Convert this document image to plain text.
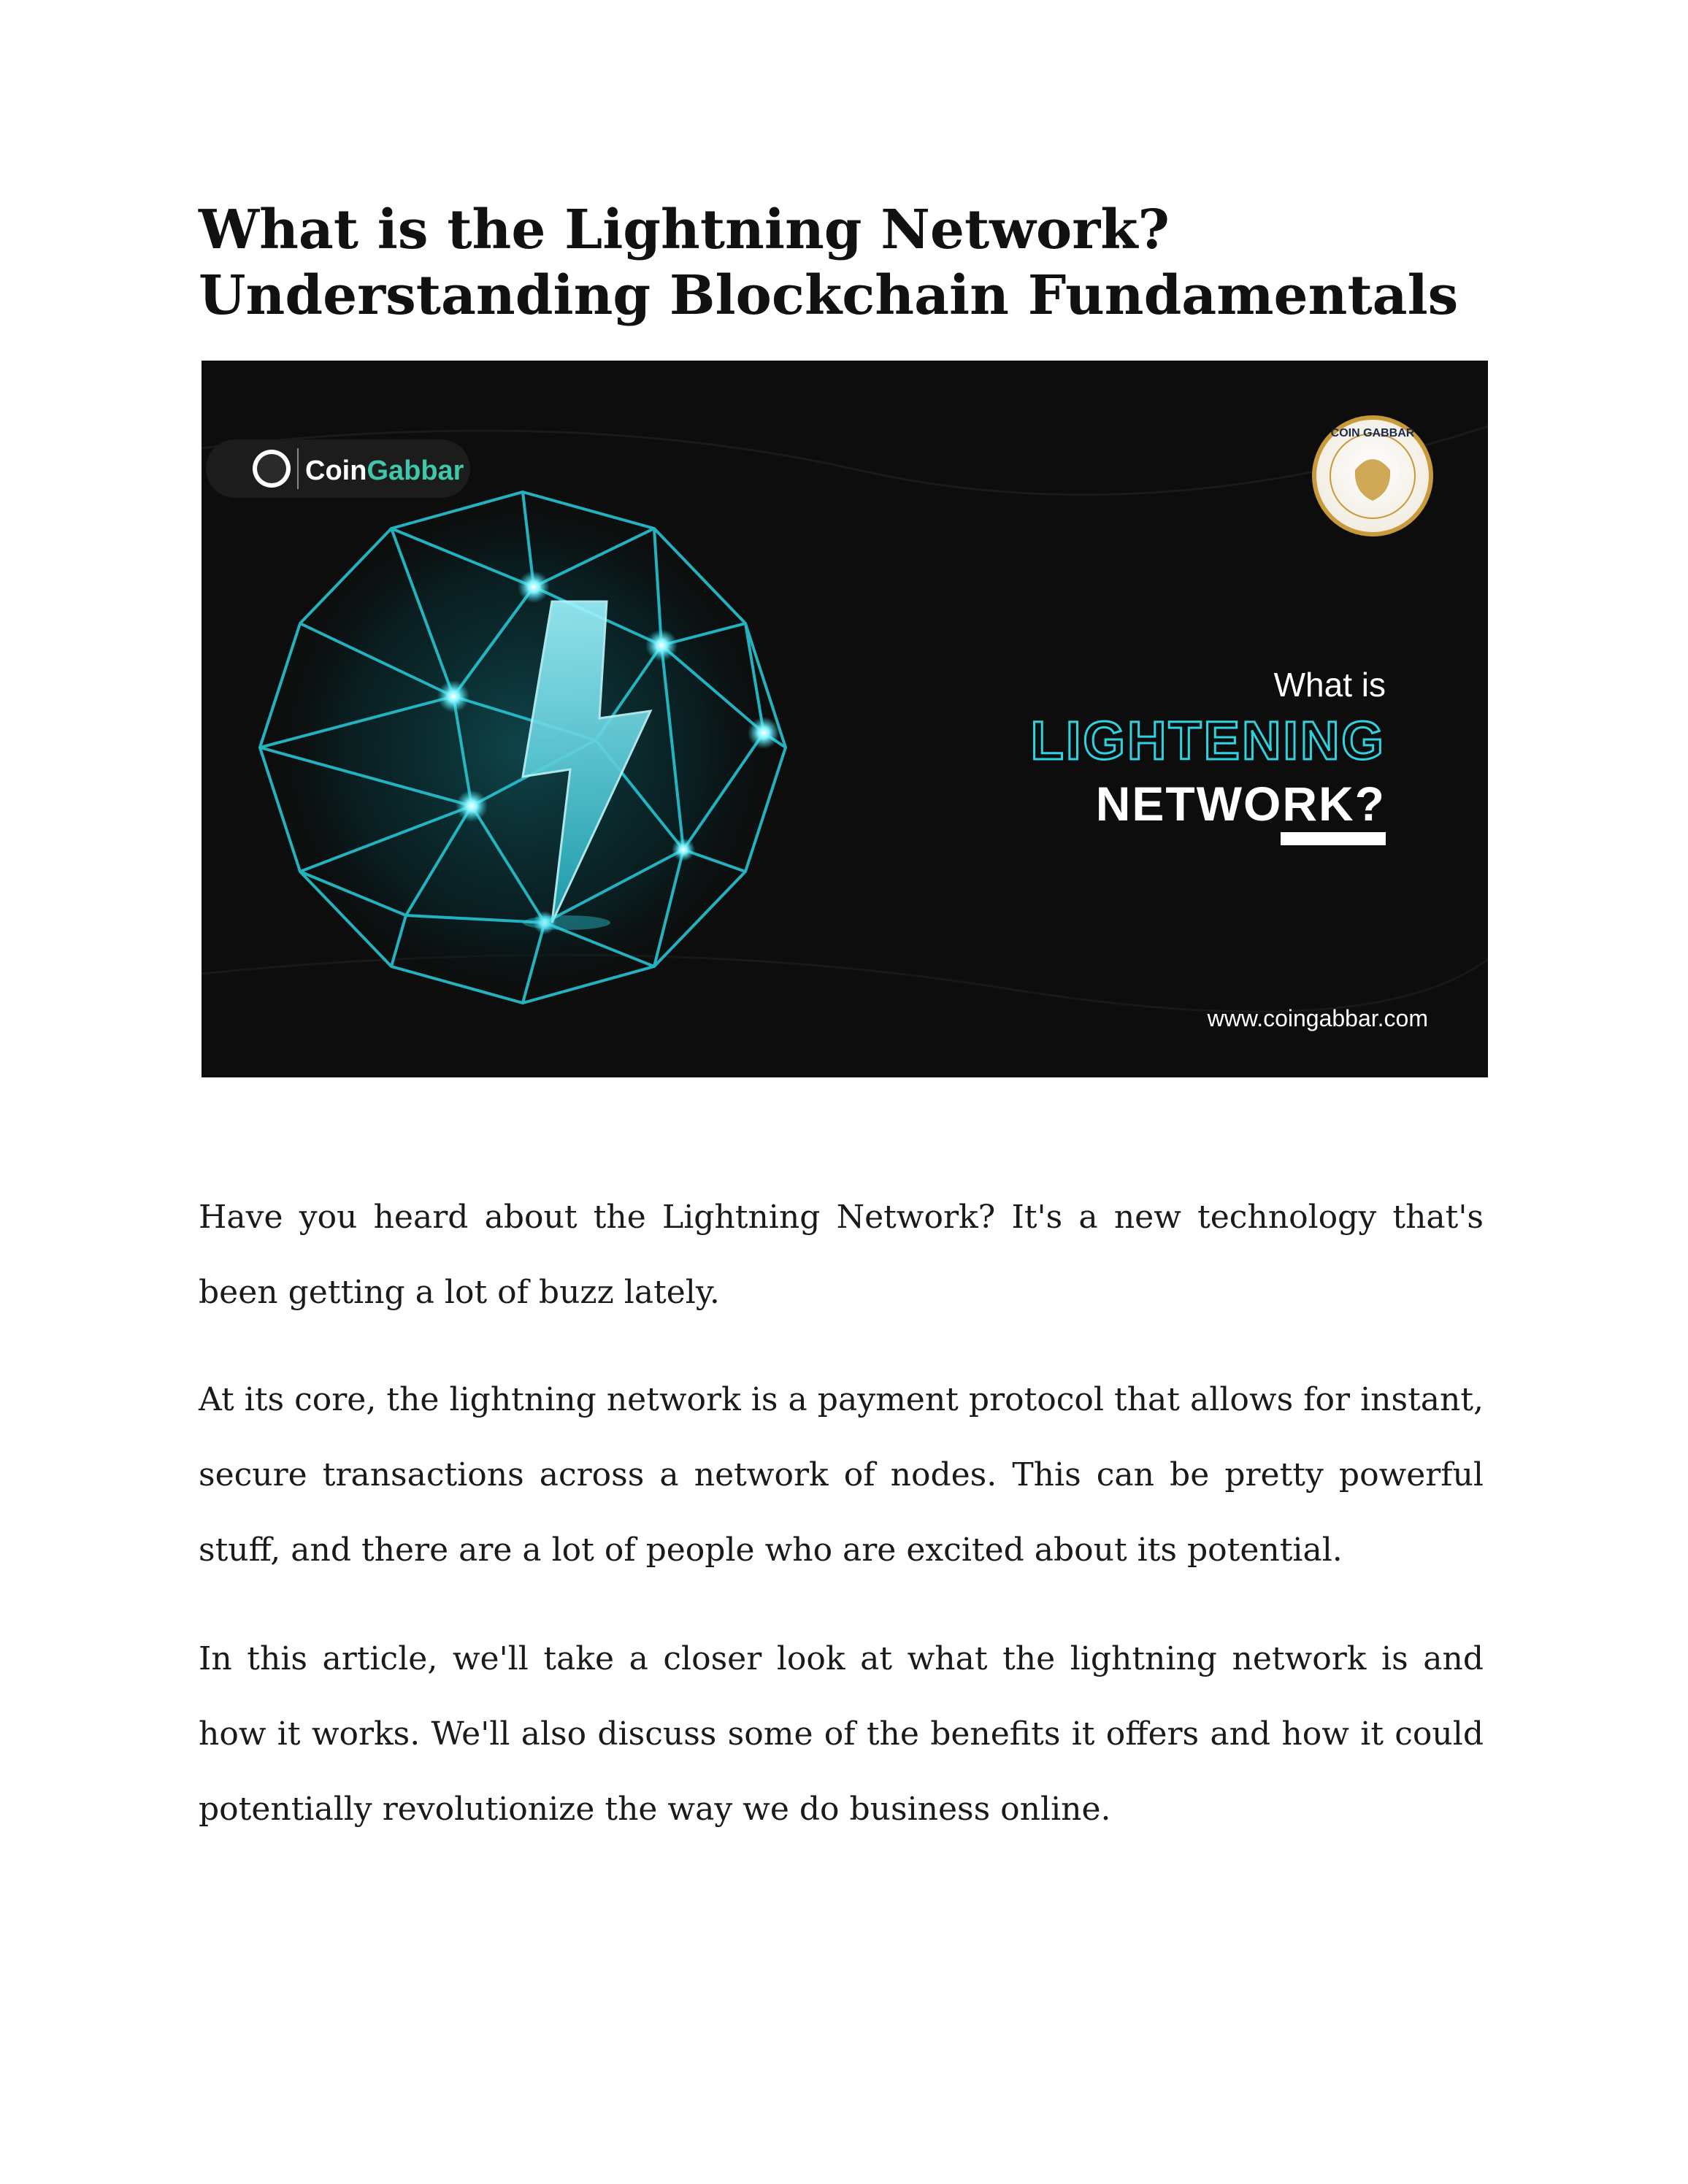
What is the Lightning Network? Understanding Blockchain Fundamentals
CoinGabbar
COIN GABBAR
What is
LIGHTENING
NETWORK?
www.coingabbar.com

Have you heard about the Lightning Network? It's a new technology that's been getting a lot of buzz lately.

At its core, the lightning network is a payment protocol that allows for instant, secure transactions across a network of nodes. This can be pretty powerful stuff, and there are a lot of people who are excited about its potential.

In this article, we'll take a closer look at what the lightning network is and how it works. We'll also discuss some of the benefits it offers and how it could potentially revolutionize the way we do business online.
